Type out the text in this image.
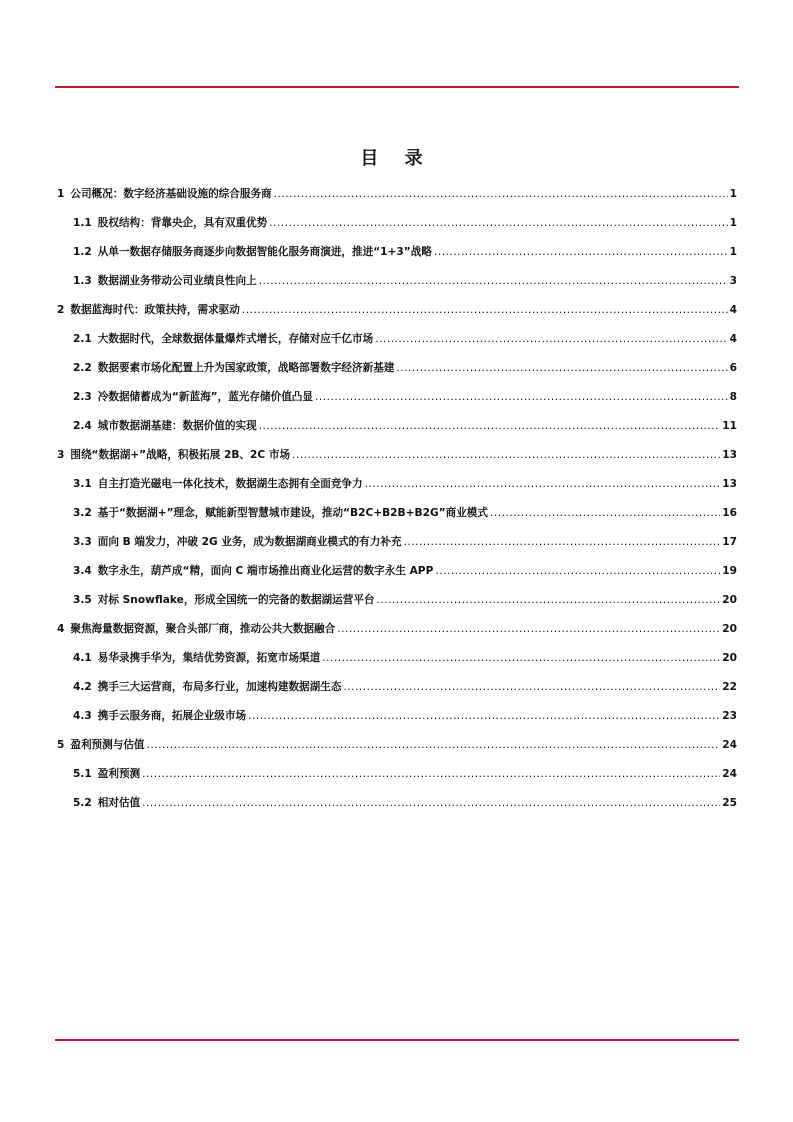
目 录
1 公司概况：数字经济基础设施的综合服务商 .....	1
1.1 股权结构：背靠央企，具有双重优势 .....	1
1.2 从单一数据存储服务商逐步向数据智能化服务商演进，推进“1+3”战略 .....	1
1.3 数据湖业务带动公司业绩良性向上 .....	3
2 数据蓝海时代：政策扶持，需求驱动 .....	4
2.1 大数据时代，全球数据体量爆炸式增长，存储对应千亿市场 .....	4
2.2 数据要素市场化配置上升为国家政策，战略部署数字经济新基建 .....	6
2.3 冷数据储蓄成为“新蓝海”，蓝光存储价值凸显 .....	8
2.4 城市数据湖基建：数据价值的实现 .....	11
3 围绕“数据湖+”战略，积极拓展 2B、2C 市场 .....	13
3.1 自主打造光磁电一体化技术，数据湖生态拥有全面竞争力 .....	13
3.2 基于“数据湖+”理念，赋能新型智慧城市建设，推动“B2C+B2B+B2G”商业模式 .....	16
3.3 面向 B 端发力，冲破 2G 业务，成为数据湖商业模式的有力补充 .....	17
3.4 数字永生，葫芦成“精，面向 C 端市场推出商业化运营的数字永生 APP .....	19
3.5 对标 Snowflake，形成全国统一的完备的数据湖运营平台 .....	20
4 聚焦海量数据资源，聚合头部厂商，推动公共大数据融合 .....	20
4.1 易华录携手华为，集结优势资源，拓宽市场渠道 .....	20
4.2 携手三大运营商，布局多行业，加速构建数据湖生态 .....	22
4.3 携手云服务商，拓展企业级市场 .....	23
5 盈利预测与估值 .....	24
5.1 盈利预测 .....	24
5.2 相对估值 .....	25
